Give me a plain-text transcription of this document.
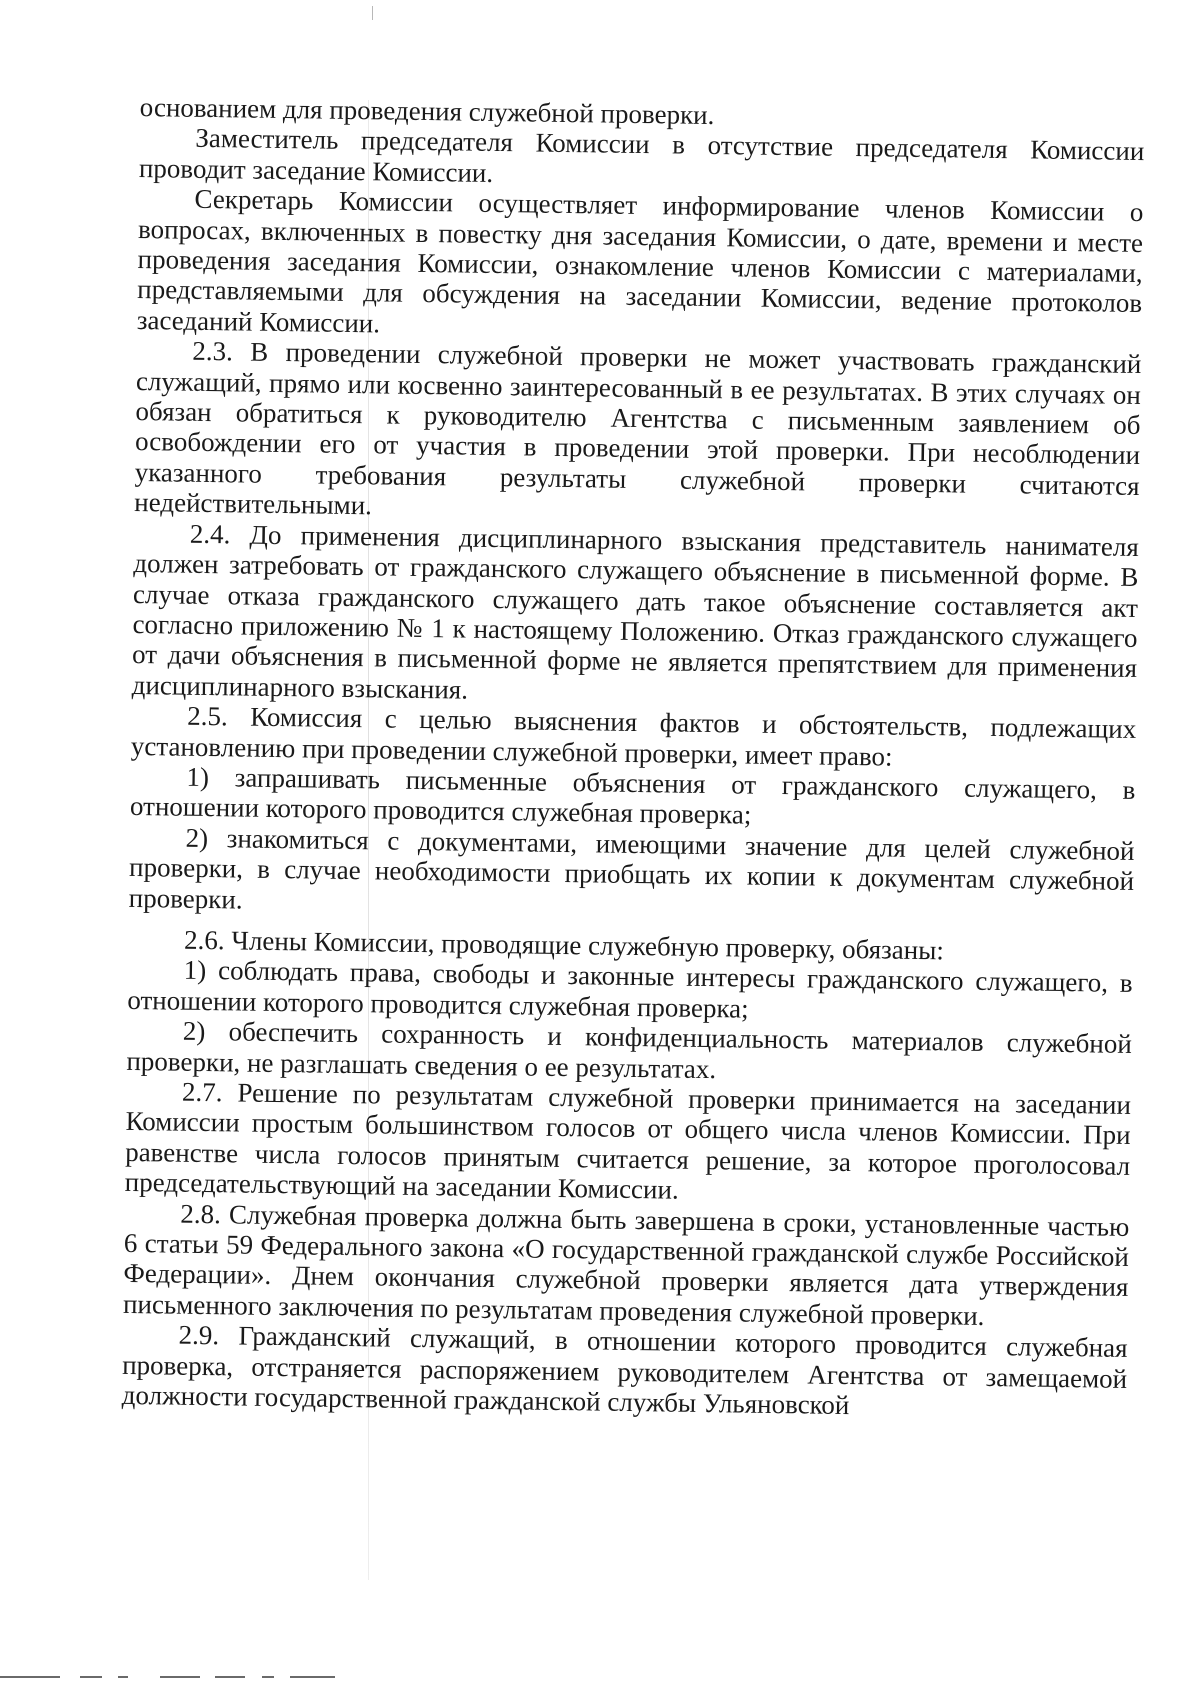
основанием для проведения служебной проверки.

Заместитель председателя Комиссии в отсутствие председателя Комиссии проводит заседание Комиссии.

Секретарь Комиссии осуществляет информирование членов Комиссии о вопросах, включенных в повестку дня заседания Комиссии, о дате, времени и месте проведения заседания Комиссии, ознакомление членов Комиссии с материалами, представляемыми для обсуждения на заседании Комиссии, ведение протоколов заседаний Комиссии.

2.3. В проведении служебной проверки не может участвовать гражданский служащий, прямо или косвенно заинтересованный в ее результатах. В этих случаях он обязан обратиться к руководителю Агентства с письменным заявлением об освобождении его от участия в проведении этой проверки. При несоблюдении указанного требования результаты служебной проверки считаются недействительными.

2.4. До применения дисциплинарного взыскания представитель нанимателя должен затребовать от гражданского служащего объяснение в письменной форме. В случае отказа гражданского служащего дать такое объяснение составляется акт согласно приложению № 1 к настоящему Положению. Отказ гражданского служащего от дачи объяснения в письменной форме не является препятствием для применения дисциплинарного взыскания.

2.5. Комиссия с целью выяснения фактов и обстоятельств, подлежащих установлению при проведении служебной проверки, имеет право:

1) запрашивать письменные объяснения от гражданского служащего, в отношении которого проводится служебная проверка;

2) знакомиться с документами, имеющими значение для целей служебной проверки, в случае необходимости приобщать их копии к документам служебной проверки.

2.6. Члены Комиссии, проводящие служебную проверку, обязаны:

1) соблюдать права, свободы и законные интересы гражданского служащего, в отношении которого проводится служебная проверка;

2) обеспечить сохранность и конфиденциальность материалов служебной проверки, не разглашать сведения о ее результатах.

2.7. Решение по результатам служебной проверки принимается на заседании Комиссии простым большинством голосов от общего числа членов Комиссии. При равенстве числа голосов принятым считается решение, за которое проголосовал председательствующий на заседании Комиссии.

2.8. Служебная проверка должна быть завершена в сроки, установленные частью 6 статьи 59 Федерального закона «О государственной гражданской службе Российской Федерации». Днем окончания служебной проверки является дата утверждения письменного заключения по результатам проведения служебной проверки.

2.9. Гражданский служащий, в отношении которого проводится служебная проверка, отстраняется распоряжением руководителем Агентства от замещаемой должности государственной гражданской службы Ульяновской
